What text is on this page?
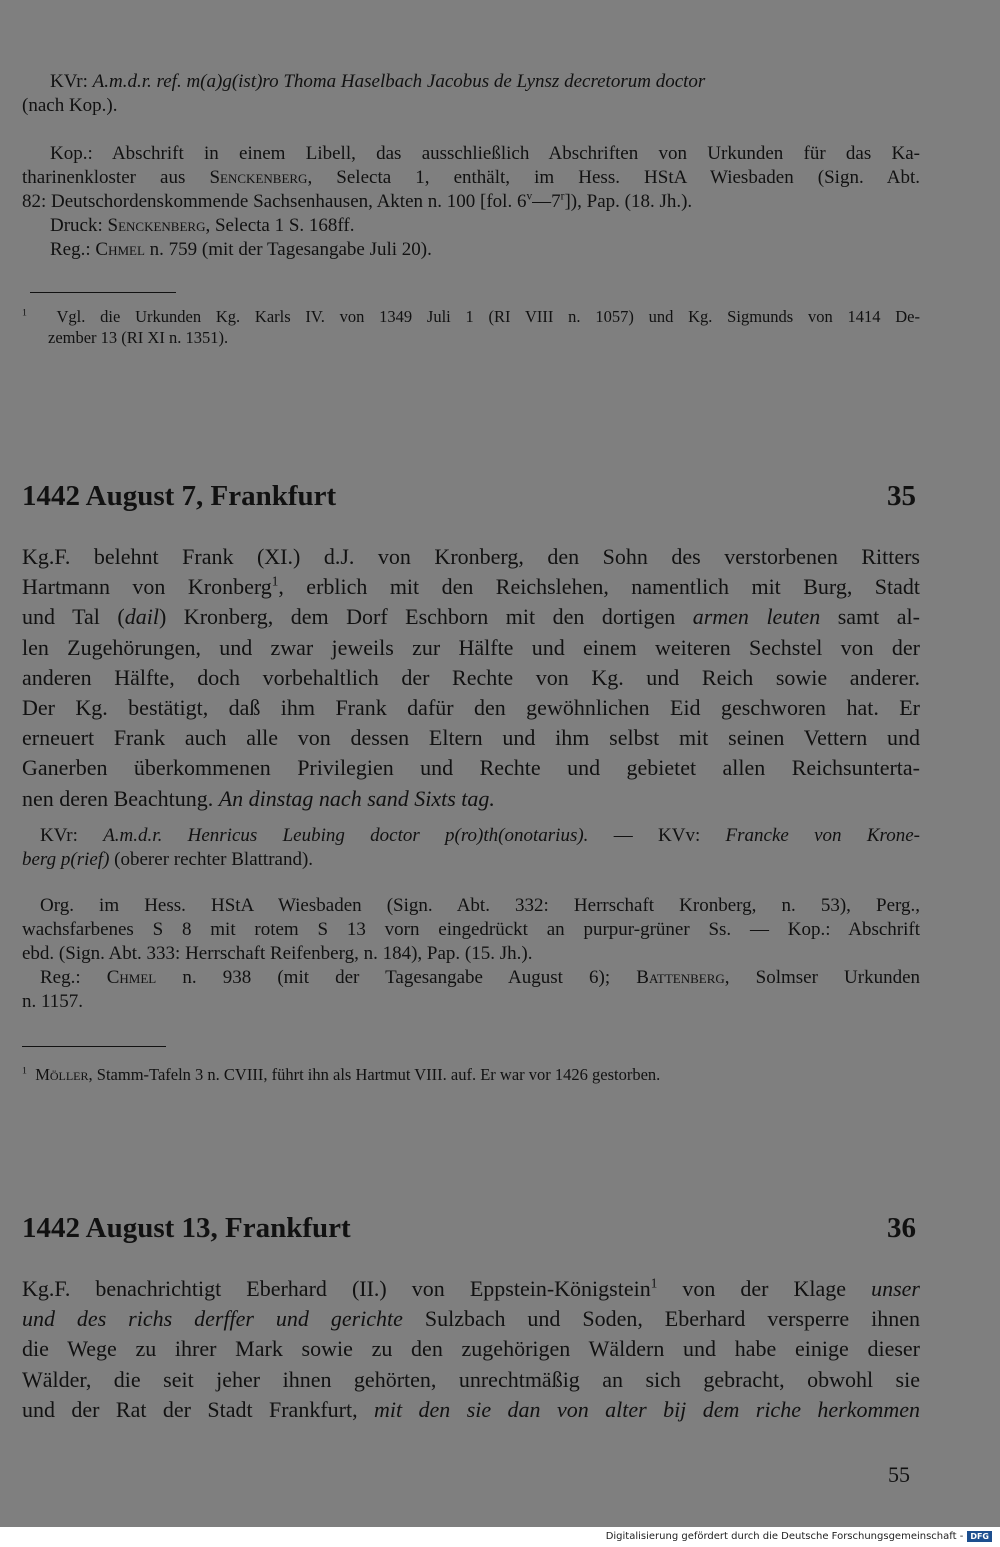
KVr: A.m.d.r. ref. m(a)g(ist)ro Thoma Haselbach Jacobus de Lynsz decretorum doctor
(nach Kop.).
Kop.: Abschrift in einem Libell, das ausschließlich Abschriften von Urkunden für das Ka-
tharinenkloster aus Senckenberg, Selecta 1, enthält, im Hess. HStA Wiesbaden (Sign. Abt.
82: Deutschordenskommende Sachsenhausen, Akten n. 100 [fol. 6$^v$—7$^r$]), Pap. (18. Jh.).
Druck: Senckenberg, Selecta 1 S. 168ff.
Reg.: Chmel n. 759 (mit der Tagesangabe Juli 20).
$^1$ Vgl. die Urkunden Kg. Karls IV. von 1349 Juli 1 (RI VIII n. 1057) und Kg. Sigmunds von 1414 De-
zember 13 (RI XI n. 1351).
1442 August 7, Frankfurt	35
Kg.F. belehnt Frank (XI.) d.J. von Kronberg, den Sohn des verstorbenen Ritters
Hartmann von Kronberg$^1$, erblich mit den Reichslehen, namentlich mit Burg, Stadt
und Tal (dail) Kronberg, dem Dorf Eschborn mit den dortigen armen leuten samt al-
len Zugehörungen, und zwar jeweils zur Hälfte und einem weiteren Sechstel von der
anderen Hälfte, doch vorbehaltlich der Rechte von Kg. und Reich sowie anderer.
Der Kg. bestätigt, daß ihm Frank dafür den gewöhnlichen Eid geschworen hat. Er
erneuert Frank auch alle von dessen Eltern und ihm selbst mit seinen Vettern und
Ganerben überkommenen Privilegien und Rechte und gebietet allen Reichsunterta-
nen deren Beachtung. An dinstag nach sand Sixts tag.
KVr: A.m.d.r. Henricus Leubing doctor p(ro)th(onotarius). — KVv: Francke von Krone-
berg p(rief) (oberer rechter Blattrand).
Org. im Hess. HStA Wiesbaden (Sign. Abt. 332: Herrschaft Kronberg, n. 53), Perg.,
wachsfarbenes S 8 mit rotem S 13 vorn eingedrückt an purpur-grüner Ss. — Kop.: Abschrift
ebd. (Sign. Abt. 333: Herrschaft Reifenberg, n. 184), Pap. (15. Jh.).
Reg.: Chmel n. 938 (mit der Tagesangabe August 6); Battenberg, Solmser Urkunden
n. 1157.
$^1$ Möller, Stamm-Tafeln 3 n. CVIII, führt ihn als Hartmut VIII. auf. Er war vor 1426 gestorben.
1442 August 13, Frankfurt	36
Kg.F. benachrichtigt Eberhard (II.) von Eppstein-Königstein$^1$ von der Klage unser
und des richs derffer und gerichte Sulzbach und Soden, Eberhard versperre ihnen
die Wege zu ihrer Mark sowie zu den zugehörigen Wäldern und habe einige dieser
Wälder, die seit jeher ihnen gehörten, unrechtmäßig an sich gebracht, obwohl sie
und der Rat der Stadt Frankfurt, mit den sie dan von alter bij dem riche herkommen
55
Digitalisierung gefördert durch die Deutsche Forschungsgemeinschaft - DFG
